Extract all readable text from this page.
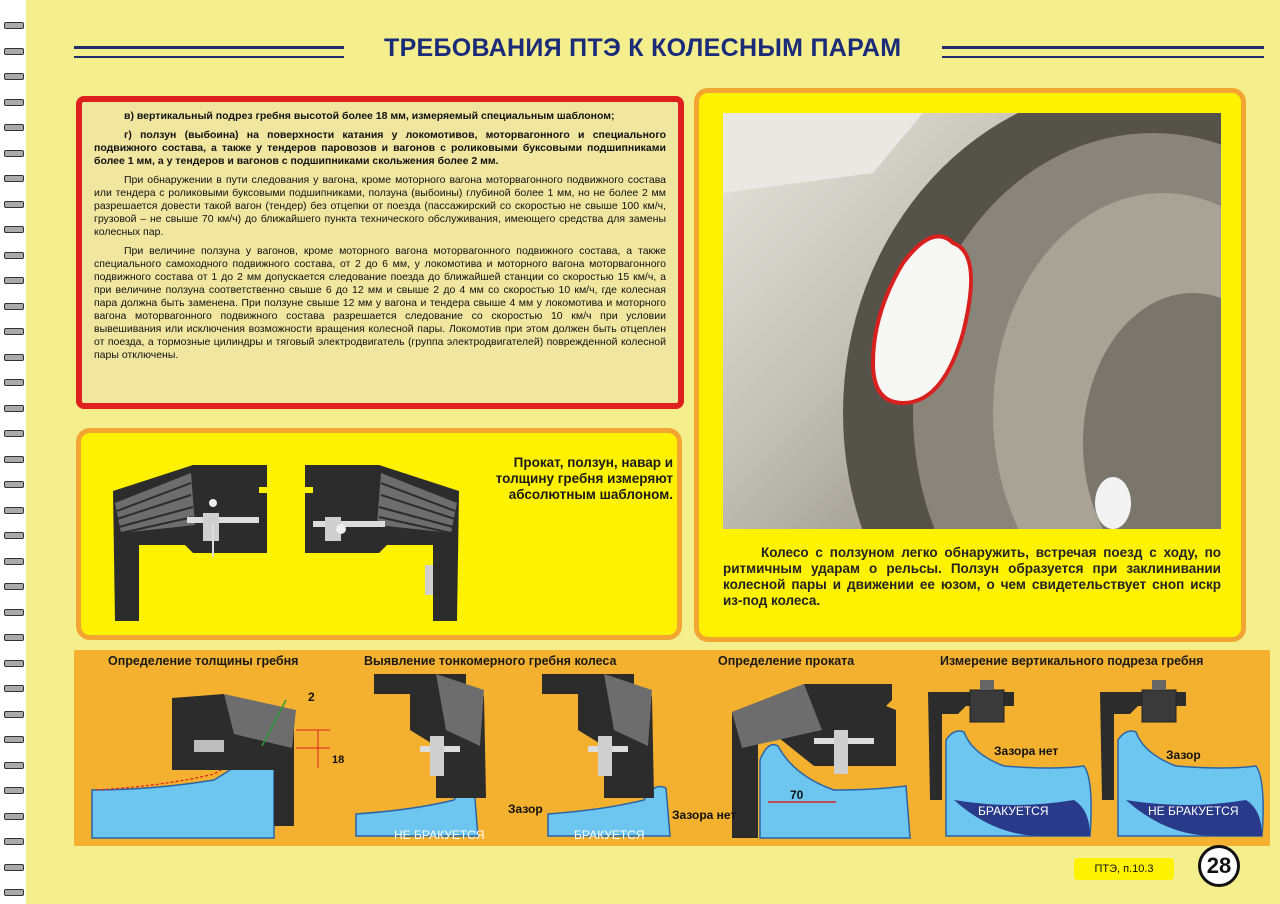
ТРЕБОВАНИЯ ПТЭ К КОЛЕСНЫМ ПАРАМ

в) вертикальный подрез гребня высотой более 18 мм, измеряемый специальным шаблоном;

г) ползун (выбоина) на поверхности катания у локомотивов, моторвагонного и специального подвижного состава, а также у тендеров паровозов и вагонов с роликовыми буксовыми подшипниками более 1 мм, а у тендеров и вагонов с подшипниками скольжения более 2 мм.

При обнаружении в пути следования у вагона, кроме моторного вагона моторвагонного подвижного состава или тендера с роликовыми буксовыми подшипниками, ползуна (выбоины) глубиной более 1 мм, но не более 2 мм разрешается довести такой вагон (тендер) без отцепки от поезда (пассажирский со скоростью не свыше 100 км/ч, грузовой – не свыше 70 км/ч) до ближайшего пункта технического обслуживания, имеющего средства для замены колесных пар.

При величине ползуна у вагонов, кроме моторного вагона моторвагонного подвижного состава, а также специального самоходного подвижного состава, от 2 до 6 мм, у локомотива и моторного вагона моторвагонного подвижного состава от 1 до 2 мм допускается следование поезда до ближайшей станции со скоростью 15 км/ч, а при величине ползуна соответственно свыше 6 до 12 мм и свыше 2 до 4 мм со скоростью 10 км/ч, где колесная пара должна быть заменена. При ползуне свыше 12 мм у вагона и тендера свыше 4 мм у локомотива и моторного вагона моторвагонного подвижного состава разрешается следование со скоростью 10 км/ч при условии вывешивания или исключения возможности вращения колесной пары. Локомотив при этом должен быть отцеплен от поезда, а тормозные цилиндры и тяговый электродвигатель (группа электродвигателей) поврежденной колесной пары отключены.

Прокат, ползун, навар и толщину гребня измеряют абсолютным шаблоном.
Колесо с ползуном легко обнаружить, встречая поезд с ходу, по ритмичным ударам о рельсы. Ползун образуется при заклинивании колесной пары и движении ее юзом, о чем свидетельствует сноп искр из-под колеса.
Определение толщины гребня	Выявление тонкомерного гребня колеса	Определение проката	Измерение вертикального подреза гребня
2
18
Зазор
НЕ БРАКУЕТСЯ
Зазора нет
БРАКУЕТСЯ
70
Зазора нет
БРАКУЕТСЯ
Зазор
НЕ БРАКУЕТСЯ
ПТЭ, п.10.3	28
